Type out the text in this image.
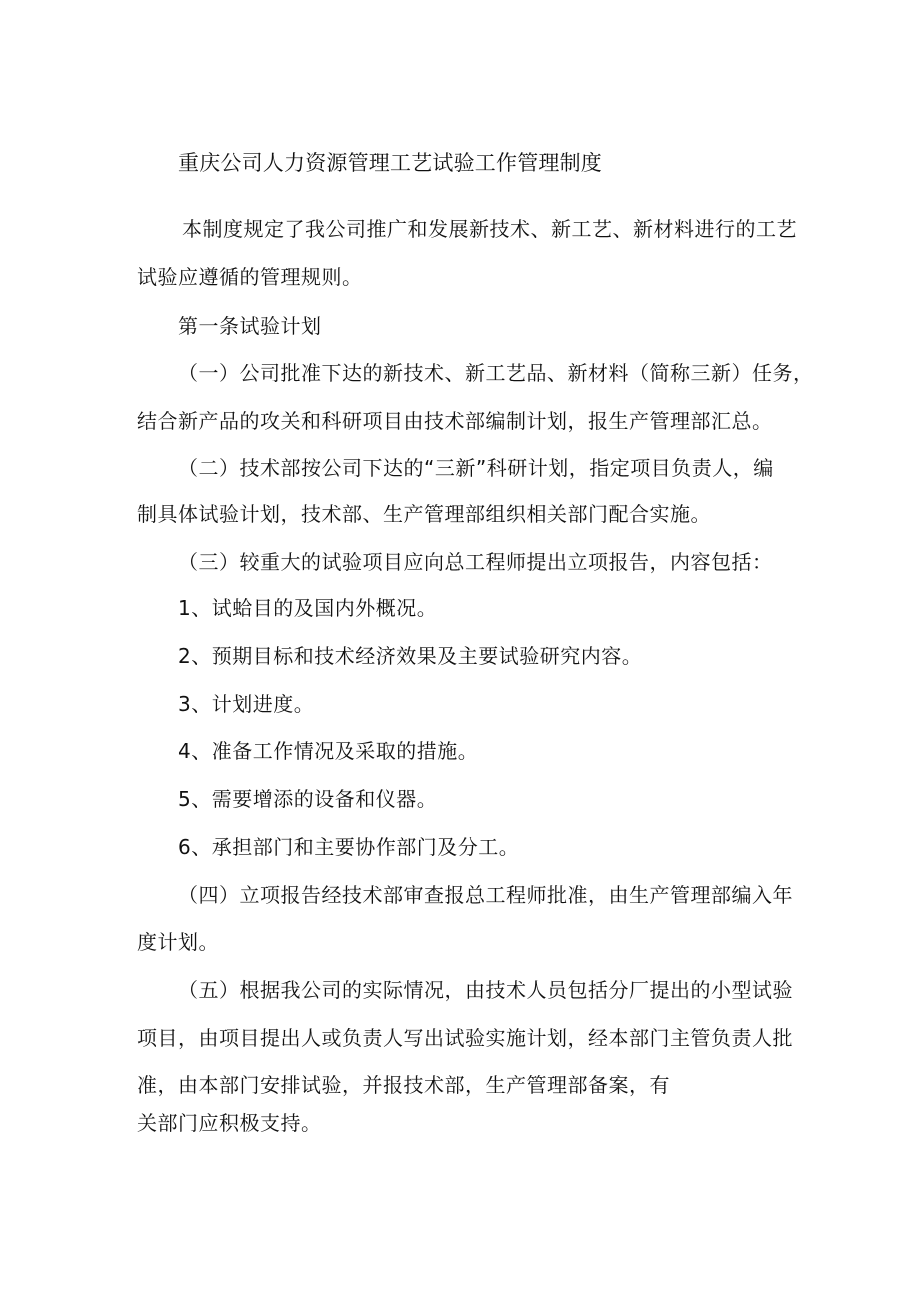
重庆公司人力资源管理工艺试验工作管理制度
本制度规定了我公司推广和发展新技术、新工艺、新材料进行的工艺
试验应遵循的管理规则。
第一条试验计划
（一）公司批准下达的新技术、新工艺品、新材料（简称三新）任务，
结合新产品的攻关和科研项目由技术部编制计划，报生产管理部汇总。
（二）技术部按公司下达的“三新”科研计划，指定项目负责人，编
制具体试验计划，技术部、生产管理部组织相关部门配合实施。
（三）较重大的试验项目应向总工程师提出立项报告，内容包括：
1、试蛤目的及国内外概况。
2、预期目标和技术经济效果及主要试验研究内容。
3、计划进度。
4、准备工作情况及采取的措施。
5、需要增添的设备和仪器。
6、承担部门和主要协作部门及分工。
（四）立项报告经技术部审查报总工程师批准，由生产管理部编入年
度计划。
（五）根据我公司的实际情况，由技术人员包括分厂提出的小型试验
项目，由项目提出人或负责人写出试验实施计划，经本部门主管负责人批
准，由本部门安排试验，并报技术部，生产管理部备案，有
关部门应积极支持。
